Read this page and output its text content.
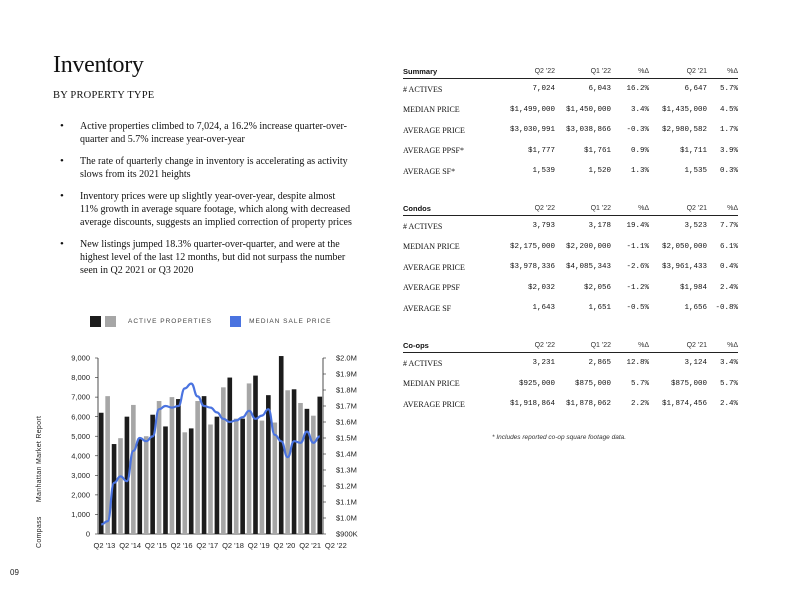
Inventory
BY PROPERTY TYPE
• Active properties climbed to 7,024, a 16.2% increase quarter-over-quarter and 5.7% increase year-over-year
• The rate of quarterly change in inventory is accelerating as activity slows from its 2021 heights
• Inventory prices were up slightly year-over-year, despite almost 11% growth in average square footage, which along with decreased average discounts, suggests an implied correction of property prices
• New listings jumped 18.3% quarter-over-quarter, and were at the highest level of the last 12 months, but did not surpass the number seen in Q2 2021 or Q3 2020
Compass Manhattan Market Report
09
ACTIVE PROPERTIES	MEDIAN SALE PRICE
0
1,000
2,000
3,000
4,000
5,000
6,000
7,000
8,000
9,000
$900K
$1.0M
$1.1M
$1.2M
$1.3M
$1.4M
$1.5M
$1.6M
$1.7M
$1.8M
$1.9M
$2.0M
Q2 '13 Q2 '14 Q2 '15 Q2 '16 Q2 '17 Q2 '18 Q2 '19 Q2 '20 Q2 '21 Q2 '22
Summary	Q2 '22	Q1 '22	%Δ	Q2 '21	%Δ
# ACTIVES	7,024	6,043	16.2%	6,647	5.7%
MEDIAN PRICE	$1,499,000	$1,450,000	3.4%	$1,435,000	4.5%
AVERAGE PRICE	$3,030,991	$3,038,866	-0.3%	$2,980,582	1.7%
AVERAGE PPSF*	$1,777	$1,761	0.9%	$1,711	3.9%
AVERAGE SF*	1,539	1,520	1.3%	1,535	0.3%
Condos	Q2 '22	Q1 '22	%Δ	Q2 '21	%Δ
# ACTIVES	3,793	3,178	19.4%	3,523	7.7%
MEDIAN PRICE	$2,175,000	$2,200,000	-1.1%	$2,050,000	6.1%
AVERAGE PRICE	$3,978,336	$4,085,343	-2.6%	$3,961,433	0.4%
AVERAGE PPSF	$2,032	$2,056	-1.2%	$1,984	2.4%
AVERAGE SF	1,643	1,651	-0.5%	1,656	-0.8%
Co-ops	Q2 '22	Q1 '22	%Δ	Q2 '21	%Δ
# ACTIVES	3,231	2,865	12.8%	3,124	3.4%
MEDIAN PRICE	$925,000	$875,000	5.7%	$875,000	5.7%
AVERAGE PRICE	$1,918,864	$1,878,062	2.2%	$1,874,456	2.4%
* Includes reported co-op square footage data.
